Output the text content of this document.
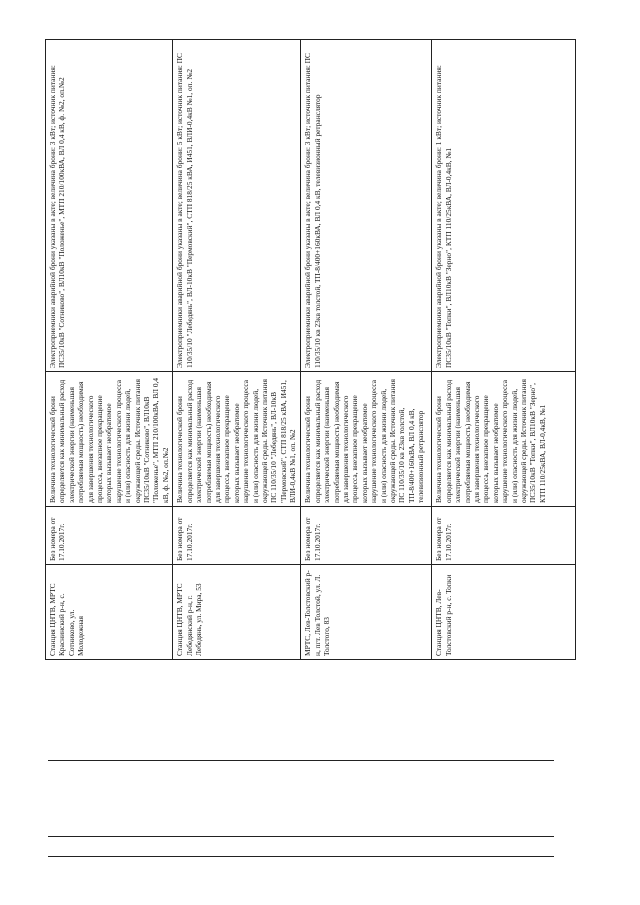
Станция ЦНТВ, МРТС Краснинский р-н, с. Сотниково, ул. Молодежная	Без номера от 17.10.2017г.	Величина технологической брони определяется как минимальный расход электрической энергии (наименьшая потребляемая мощность) необходимая для завершения технологического процесса, внезапное прекращение которых вызывает необратимое нарушение технологического процесса и (или) опасность для жизни людей, окружающей среды. Источник питания ПС35/10кВ "Сотниково", ВЛ10кВ "Положенье", МТП 210/100кВА, ВЛ 0,4 кВ, ф. №2, оп.№2	Электроприемники аварийной брони указаны в акте; величина брони: 3 кВт; источник питания: ПС35/10кВ "Сотниково", ВЛ10кВ "Положенье", МТП 210/100кВА, ВЛ 0,4 кВ, ф. №2, оп.№2
Станция ЦНТВ, МРТС Лебедянский р-н, г. Лебедянь, ул. Мира, 53	Без номера от 17.10.2017г.	Величина технологической брони определяется как минимальный расход электрической энергии (наименьшая потребляемая мощность) необходимая для завершения технологического процесса, внезапное прекращение которых вызывает необратимое нарушение технологического процесса и (или) опасность для жизни людей, окружающей среды. Источник питания ПС 110/35/10 "Лебедянь", ВЛ-10кВ "Пермовский", СТП 818/25 кВА, И451, ВЛИ-0,4кВ №1, оп. №2	Электроприемники аварийной брони указаны в акте; величина брони: 5 кВт; источник питания: ПС 110/35/10 "Лебедянь", ВЛ-10кВ "Пермовский", СТП 818/25 кВА, И451, ВЛИ-0,4кВ №1, оп. №2
МРТС, Лев-Толстовский р-н, пгт. Лев Толстой, ул. Л. Толстого, 83	Без номера от 17.10.2017г.	Величина технологической брони определяется как минимальный расход электрической энергии (наименьшая потребляемая мощность) необходимая для завершения технологического процесса, внезапное прекращение которых вызывает необратимое нарушение технологического процесса и (или) опасность для жизни людей, окружающей среды. Источник питания ПС 110/35/10 кв 23кв толстой, ТП-8/400+160кВА, ВЛ 0,4 кВ, телевизионный ретранслятор	Электроприемники аварийной брони указаны в акте; величина брони: 3 кВт; источник питания: ПС 110/35/10 кв 23кв толстой, ТП-8/400+160кВА, ВЛ 0,4 кВ, телевизионный ретранслятор
Станция ЦНТВ, Лев-Толстовский р-н, с. Топки	Без номера от 17.10.2017г.	Величина технологической брони определяется как минимальный расход электрической энергии (наименьшая потребляемая мощность) необходимая для завершения технологического процесса, внезапное прекращение которых вызывает необратимое нарушение технологического процесса и (или) опасность для жизни людей, окружающей среды. Источник питания ПС35/10кВ "Топки", ВЛ10кВ "Зерно", КТП 110/25кВА, ВЛ-0,4кВ, №1	Электроприемники аварийной брони указаны в акте; величина брони: 1 кВт; источник питания: ПС35/10кВ "Топки", ВЛ10кВ "Зерно", КТП 110/25кВА, ВЛ-0,4кВ, №1
